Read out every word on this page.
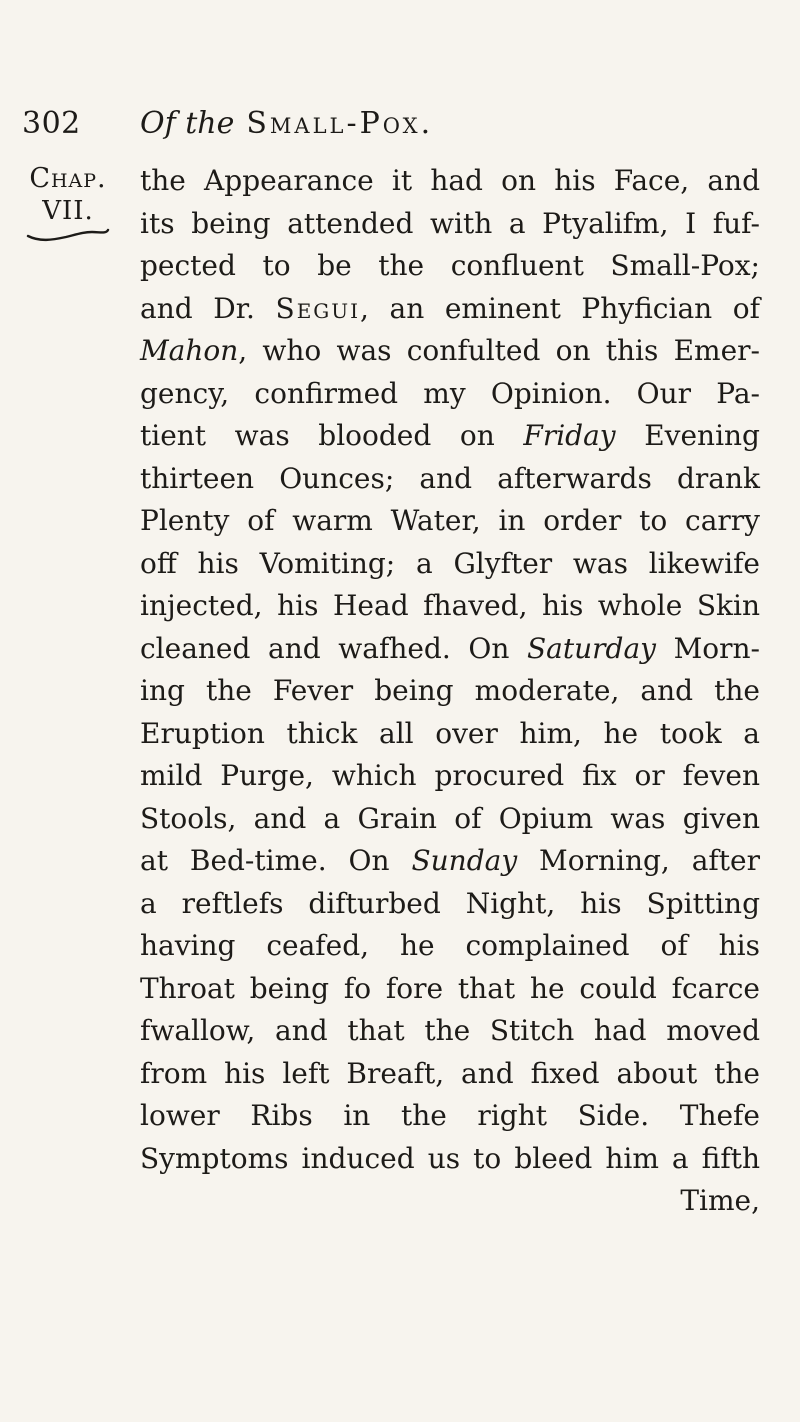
302 Of the Small-Pox.
Chap.
VII.
the Appearance it had on his Face, and
its being attended with a Ptyalifm, I fuf-
pected to be the confluent Small-Pox;
and Dr. Segui, an eminent Phyfician of
Mahon, who was confulted on this Emer-
gency, confirmed my Opinion. Our Pa-
tient was blooded on Friday Evening
thirteen Ounces; and afterwards drank
Plenty of warm Water, in order to carry
off his Vomiting; a Glyfter was likewife
injected, his Head fhaved, his whole Skin
cleaned and wafhed. On Saturday Morn-
ing the Fever being moderate, and the
Eruption thick all over him, he took a
mild Purge, which procured fix or feven
Stools, and a Grain of Opium was given
at Bed-time. On Sunday Morning, after
a reftlefs difturbed Night, his Spitting
having ceafed, he complained of his
Throat being fo fore that he could fcarce
fwallow, and that the Stitch had moved
from his left Breaft, and fixed about the
lower Ribs in the right Side. Thefe
Symptoms induced us to bleed him a fifth
Time,
